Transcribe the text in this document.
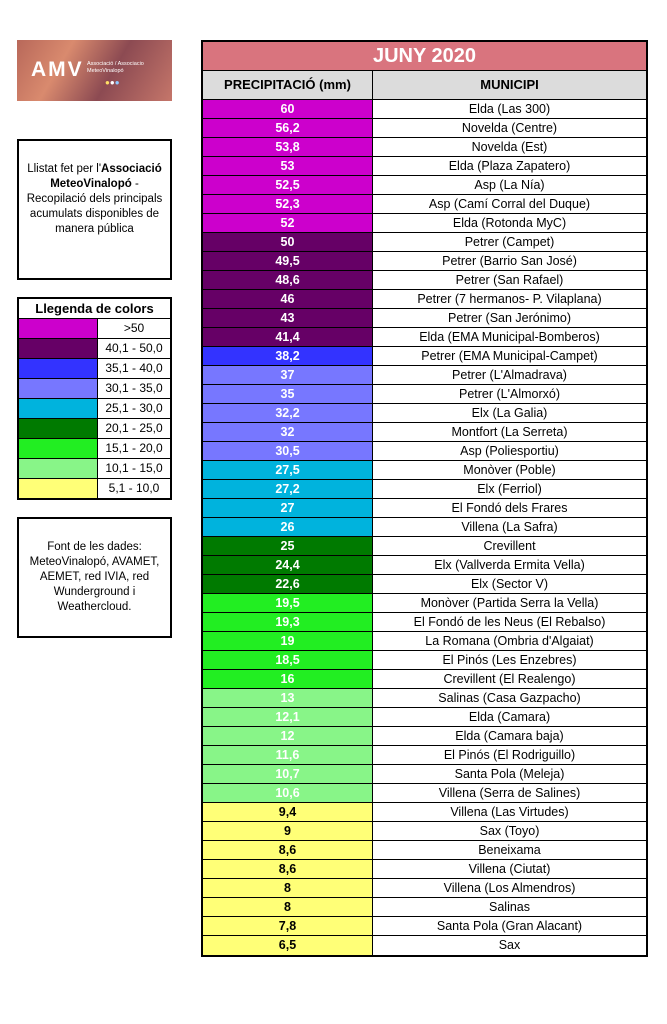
AMV Associació / Associacio MeteoVinalopó
●●●
Llistat fet per l'Associació MeteoVinalopó - Recopilació dels principals acumulats disponibles de manera pública
Llegenda de colors
>50
40,1 - 50,0
35,1 - 40,0
30,1 - 35,0
25,1 - 30,0
20,1 - 25,0
15,1 - 20,0
10,1 - 15,0
5,1 - 10,0
Font de les dades: MeteoVinalopó, AVAMET, AEMET, red IVIA, red Wunderground i Weathercloud.
JUNY 2020
PRECIPITACIÓ (mm)	MUNICIPI
60	Elda (Las 300)
56,2	Novelda (Centre)
53,8	Novelda (Est)
53	Elda (Plaza Zapatero)
52,5	Asp (La Nía)
52,3	Asp (Camí Corral del Duque)
52	Elda (Rotonda MyC)
50	Petrer (Campet)
49,5	Petrer (Barrio San José)
48,6	Petrer (San Rafael)
46	Petrer (7 hermanos- P. Vilaplana)
43	Petrer (San Jerónimo)
41,4	Elda (EMA Municipal-Bomberos)
38,2	Petrer (EMA Municipal-Campet)
37	Petrer (L'Almadrava)
35	Petrer (L'Almorxó)
32,2	Elx (La Galia)
32	Montfort (La Serreta)
30,5	Asp (Poliesportiu)
27,5	Monòver (Poble)
27,2	Elx (Ferriol)
27	El Fondó dels Frares
26	Villena (La Safra)
25	Crevillent
24,4	Elx (Vallverda Ermita Vella)
22,6	Elx (Sector V)
19,5	Monòver (Partida Serra la Vella)
19,3	El Fondó de les Neus (El Rebalso)
19	La Romana (Ombria d'Algaiat)
18,5	El Pinós (Les Enzebres)
16	Crevillent (El Realengo)
13	Salinas (Casa Gazpacho)
12,1	Elda (Camara)
12	Elda (Camara baja)
11,6	El Pinós (El Rodriguillo)
10,7	Santa Pola (Meleja)
10,6	Villena (Serra de Salines)
9,4	Villena (Las Virtudes)
9	Sax (Toyo)
8,6	Beneixama
8,6	Villena (Ciutat)
8	Villena (Los Almendros)
8	Salinas
7,8	Santa Pola (Gran Alacant)
6,5	Sax
